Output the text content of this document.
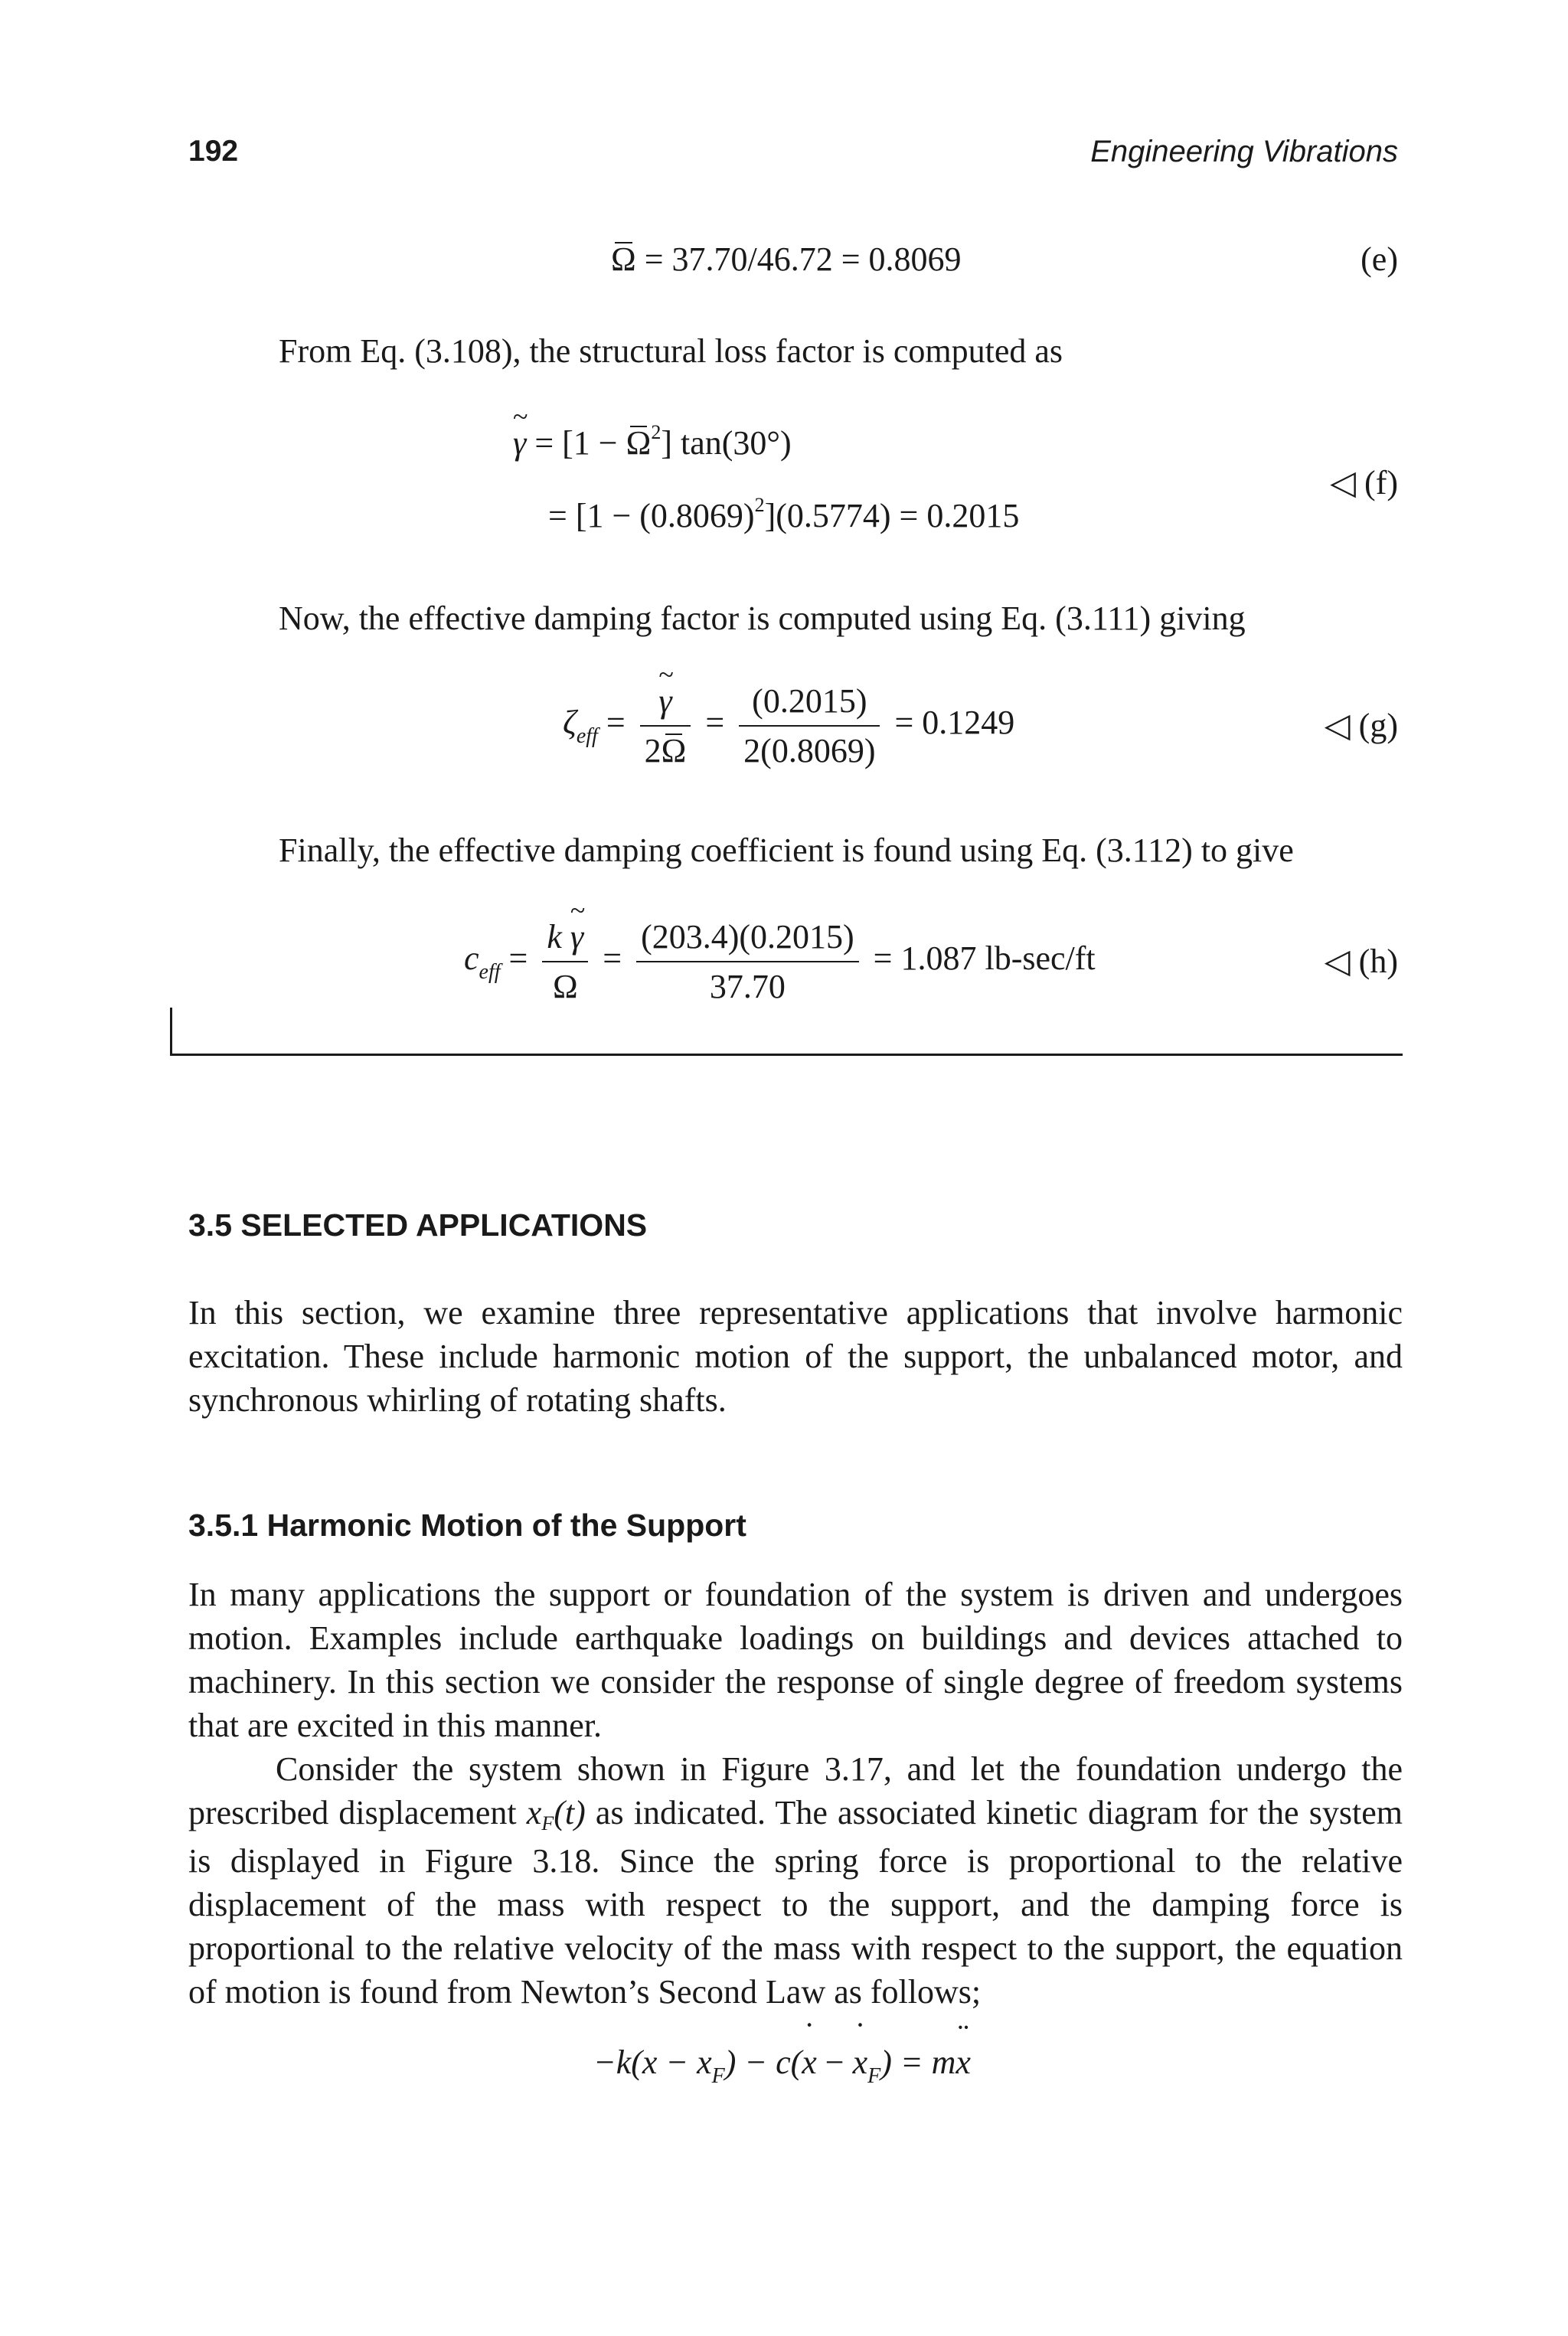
192	Engineering Vibrations
Ω = 37.70/46.72 = 0.8069	(e)
From Eq. (3.108), the structural loss factor is computed as
~ $\gamma = [1 - \Omega^2]$ tan(30°)
= $[1 - (0.8069)^2](0.5774) = 0.2015$
◁ (f)
Now, the effective damping factor is computed using Eq. (3.111) giving
$\zeta_{eff}$ = ~ $\frac{\gamma}{2\Omega} = \frac{(0.2015)}{2(0.8069)} = 0.1249$	◁ (g)
Finally, the effective damping coefficient is found using Eq. (3.112) to give
$c_{eff} = \frac{k \sim \gamma}{\Omega} = \frac{(203.4)(0.2015)}{37.70} = 1.087$ lb-sec/ft	◁ (h)
3.5 SELECTED APPLICATIONS
In this section, we examine three representative applications that involve harmonic excitation. These include harmonic motion of the support, the unbalanced motor, and synchronous whirling of rotating shafts.
3.5.1 Harmonic Motion of the Support
In many applications the support or foundation of the system is driven and undergoes motion. Examples include earthquake loadings on buildings and devices attached to machinery. In this section we consider the response of single degree of freedom systems that are excited in this manner.
Consider the system shown in Figure 3.17, and let the foundation undergo the prescribed displacement xF(t) as indicated. The associated kinetic diagram for the system is displayed in Figure 3.18. Since the spring force is proportional to the relative displacement of the mass with respect to the support, and the damping force is proportional to the relative velocity of the mass with respect to the support, the equation of motion is found from Newton’s Second Law as follows;
$-k(x - x_F)$ − c(˙ x − ˙ $x_F$) = m¨ x
